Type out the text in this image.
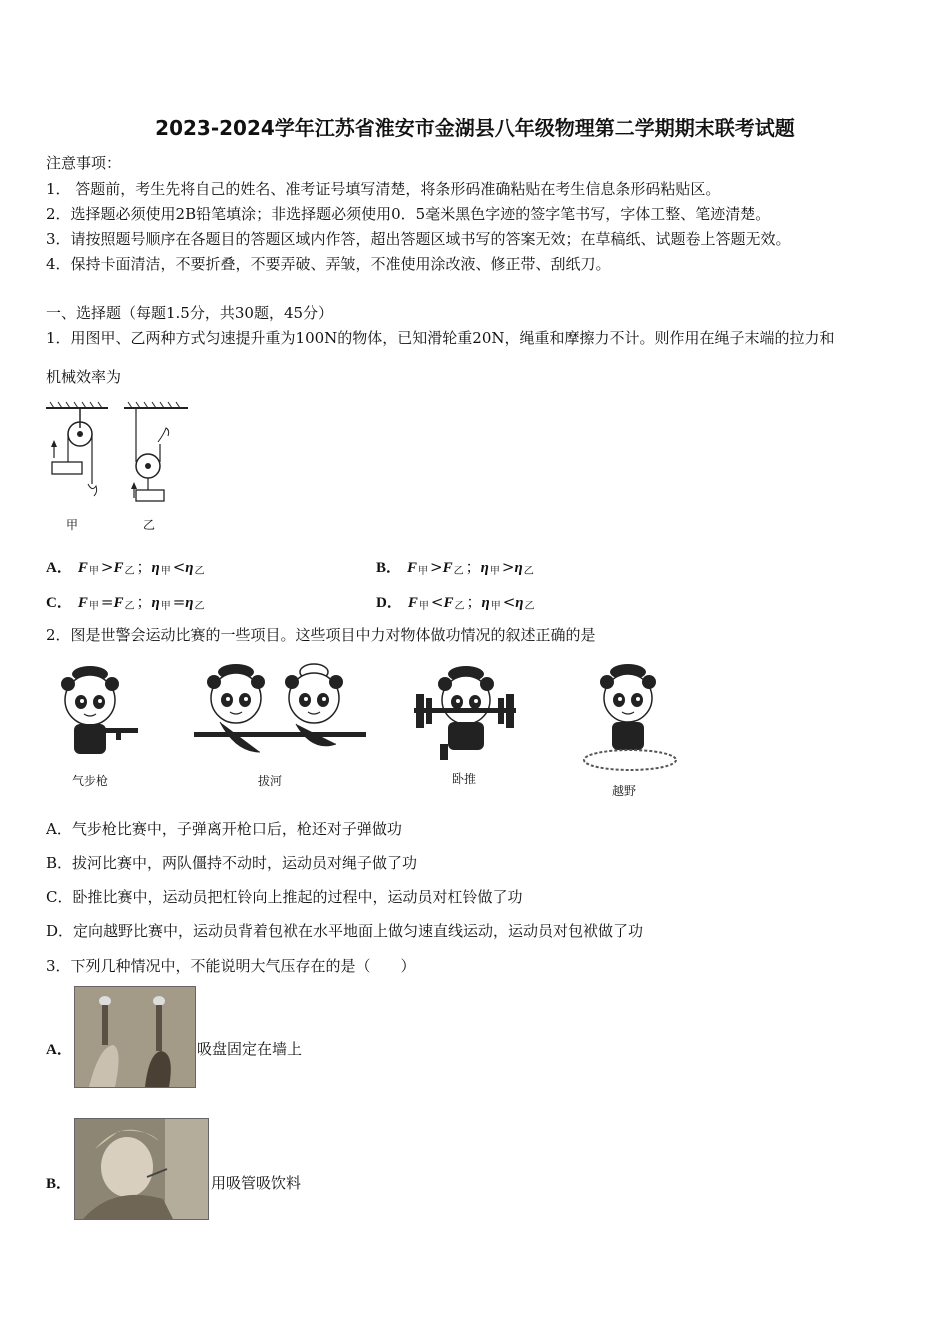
2023-2024学年江苏省淮安市金湖县八年级物理第二学期期末联考试题
注意事项：
1． 答题前，考生先将自己的姓名、准考证号填写清楚，将条形码准确粘贴在考生信息条形码粘贴区。
2．选择题必须使用2B铅笔填涂；非选择题必须使用0．5毫米黑色字迹的签字笔书写，字体工整、笔迹清楚。
3．请按照题号顺序在各题目的答题区域内作答，超出答题区域书写的答案无效；在草稿纸、试题卷上答题无效。
4．保持卡面清洁，不要折叠，不要弄破、弄皱，不准使用涂改液、修正带、刮纸刀。
一、选择题（每题1.5分，共30题，45分）
1．用图甲、乙两种方式匀速提升重为100N的物体，已知滑轮重20N，绳重和摩擦力不计。则作用在绳子末端的拉力和
机械效率为
甲	乙
A． $F_甲 >F_乙$ ；$\eta_甲 <\eta_乙$	B． $F_甲 >F_乙$ ；$\eta_甲 >\eta_乙$
C． $F_甲 =F_乙$ ；$\eta_甲 =\eta_乙$	D． $F_甲 <F_乙$ ；$\eta_甲 <\eta_乙$
2．图是世警会运动比赛的一些项目。这些项目中力对物体做功情况的叙述正确的是
气步枪	拔河	卧推
越野
A．气步枪比赛中，子弹离开枪口后，枪还对子弹做功
B．拔河比赛中，两队僵持不动时，运动员对绳子做了功
C．卧推比赛中，运动员把杠铃向上推起的过程中，运动员对杠铃做了功
D．定向越野比赛中，运动员背着包袱在水平地面上做匀速直线运动，运动员对包袱做了功
3．下列几种情况中，不能说明大气压存在的是（　　）
A．	吸盘固定在墙上
B．	用吸管吸饮料
